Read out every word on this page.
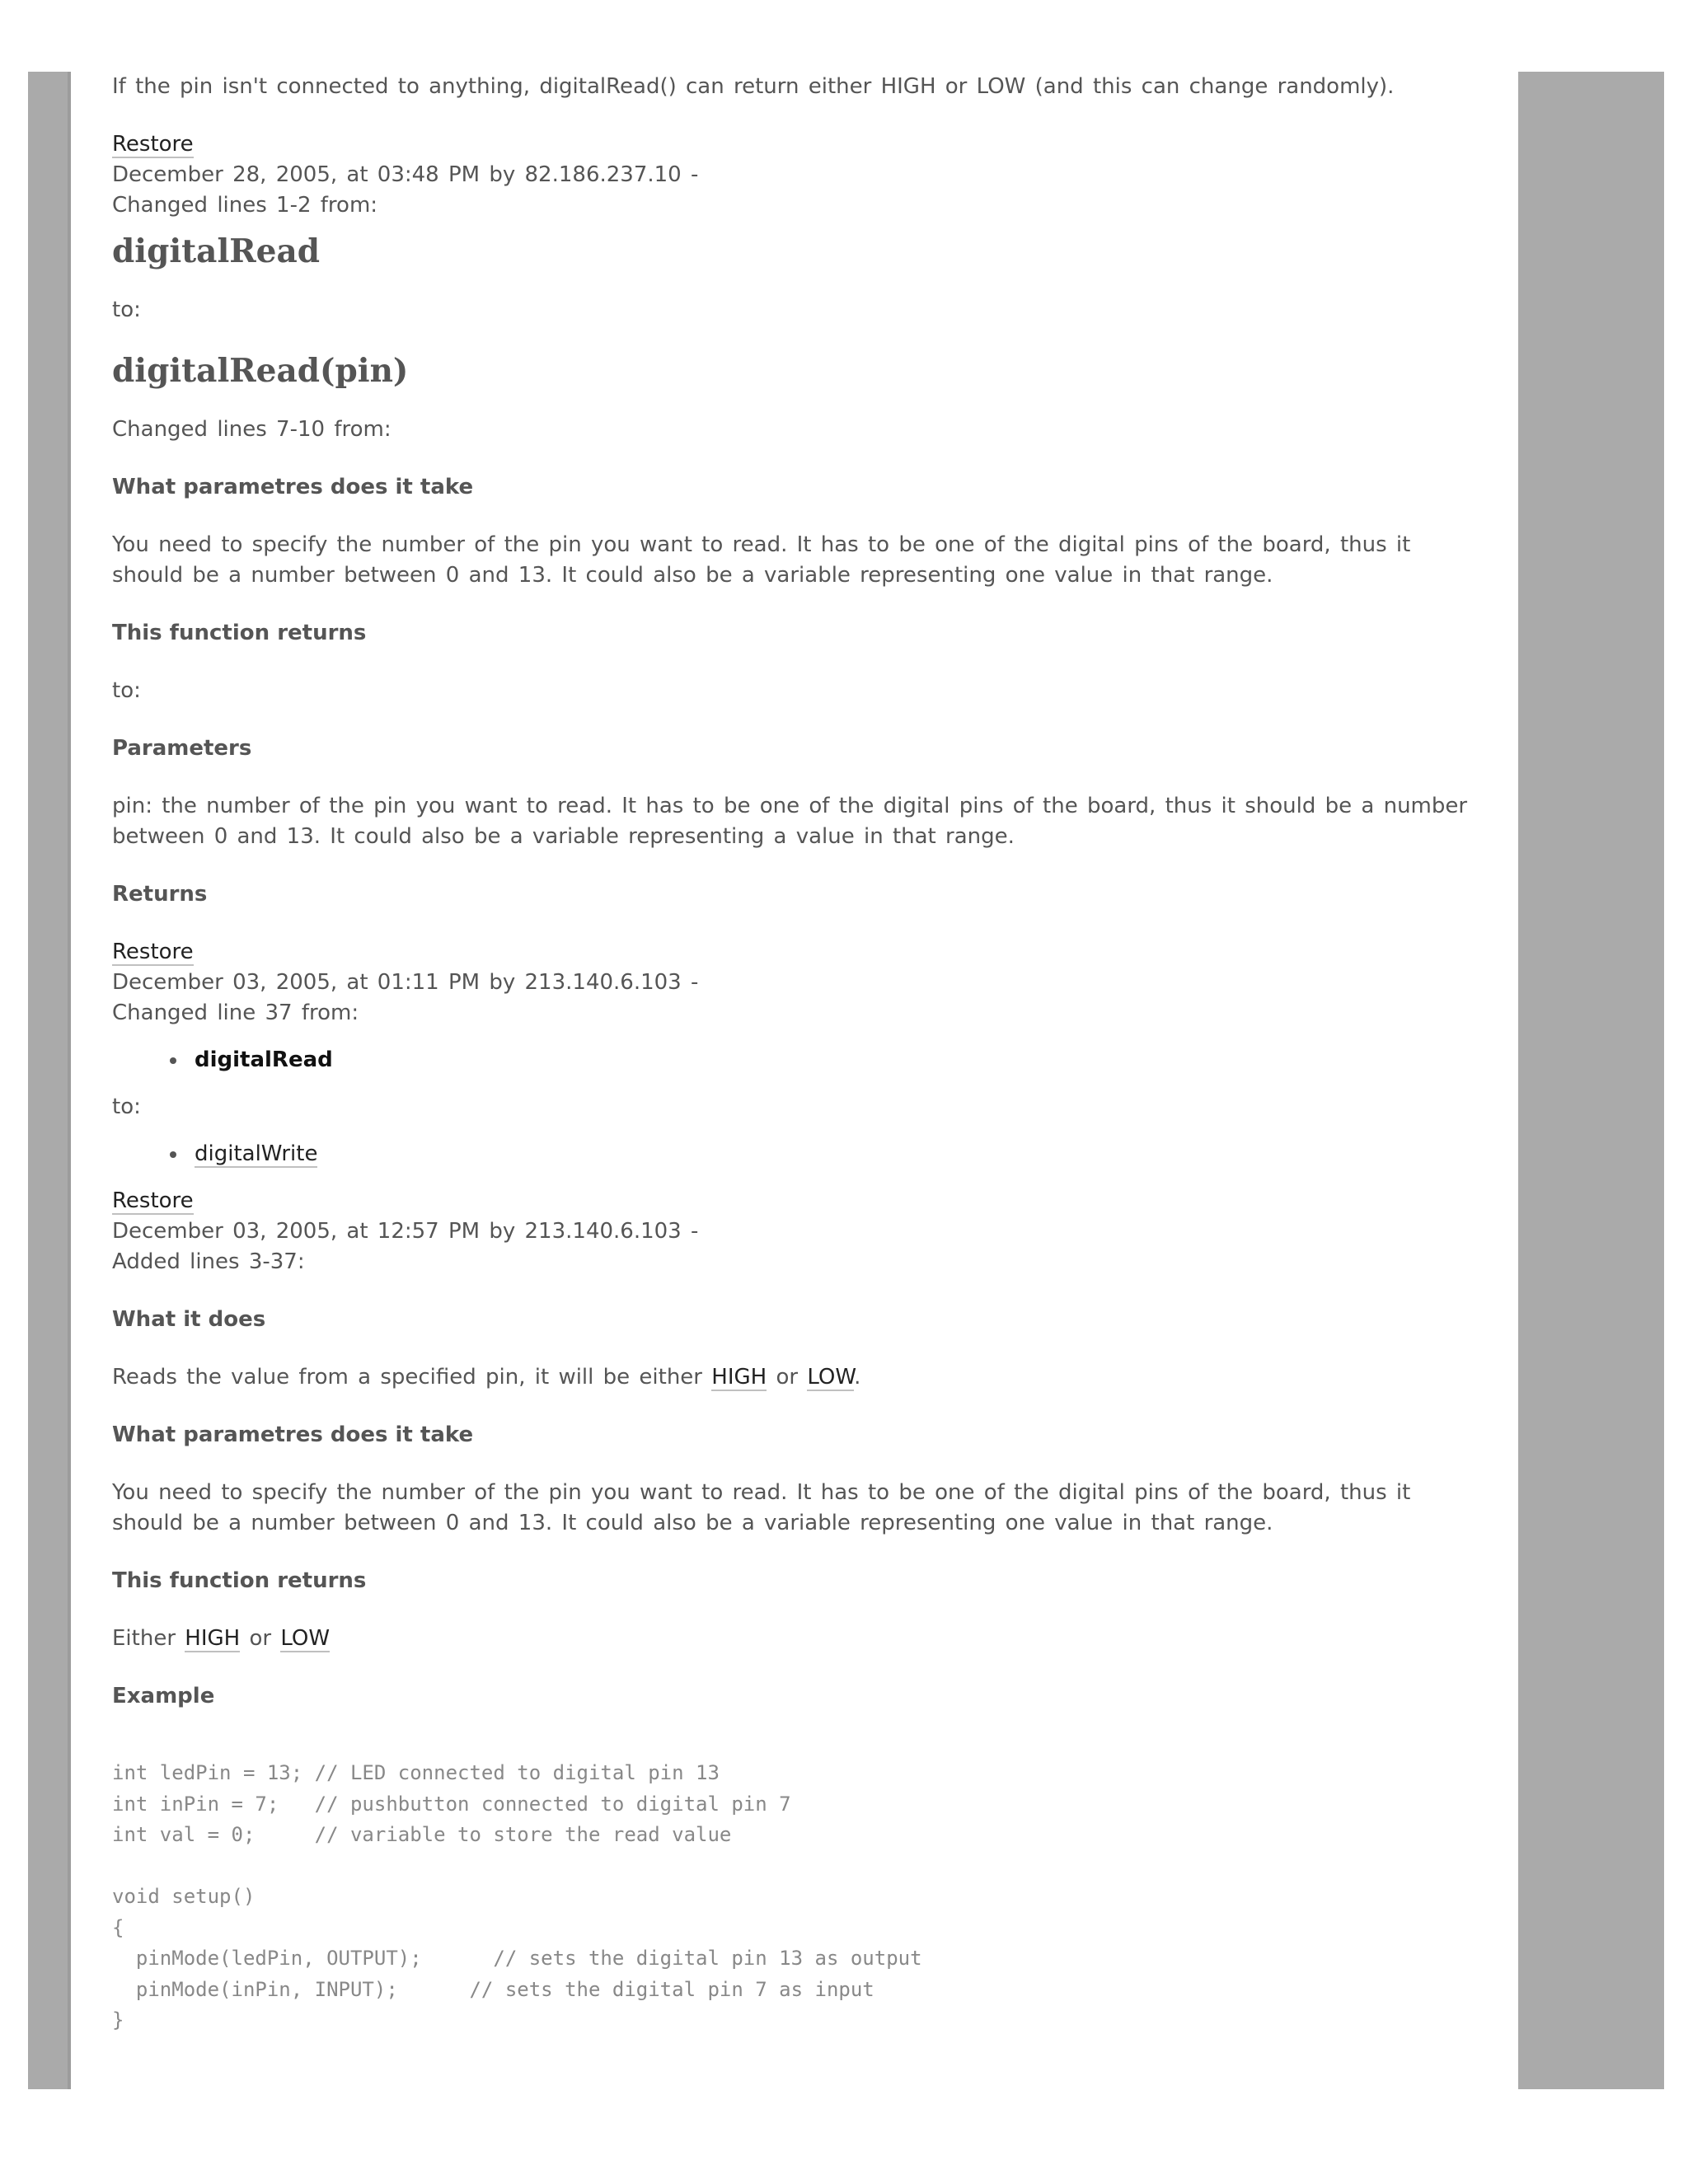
If the pin isn't connected to anything, digitalRead() can return either HIGH or LOW (and this can change randomly).

Restore
December 28, 2005, at 03:48 PM by 82.186.237.10 -
Changed lines 1-2 from:

digitalRead

to:

digitalRead(pin)

Changed lines 7-10 from:

What parametres does it take

You need to specify the number of the pin you want to read. It has to be one of the digital pins of the board, thus it should be a number between 0 and 13. It could also be a variable representing one value in that range.

This function returns

to:

Parameters

pin: the number of the pin you want to read. It has to be one of the digital pins of the board, thus it should be a number between 0 and 13. It could also be a variable representing a value in that range.

Returns

Restore
December 03, 2005, at 01:11 PM by 213.140.6.103 -
Changed line 37 from:

digitalRead

to:

digitalWrite

Restore
December 03, 2005, at 12:57 PM by 213.140.6.103 -
Added lines 3-37:

What it does

Reads the value from a specified pin, it will be either HIGH or LOW.

What parametres does it take

You need to specify the number of the pin you want to read. It has to be one of the digital pins of the board, thus it should be a number between 0 and 13. It could also be a variable representing one value in that range.

This function returns

Either HIGH or LOW

Example
int ledPin = 13; // LED connected to digital pin 13
int inPin = 7;   // pushbutton connected to digital pin 7
int val = 0;     // variable to store the read value

void setup()
{
pinMode(ledPin, OUTPUT);      // sets the digital pin 13 as output
pinMode(inPin, INPUT);      // sets the digital pin 7 as input
}
